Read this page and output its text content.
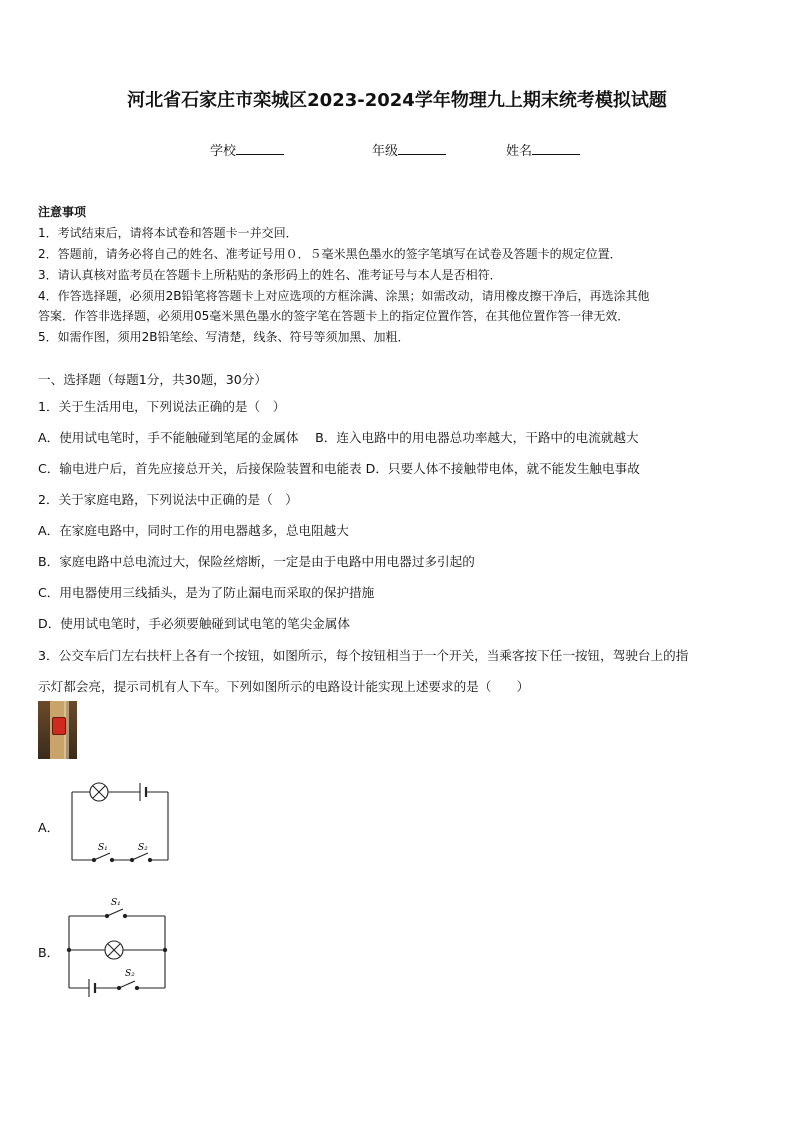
河北省石家庄市栾城区2023-2024学年物理九上期末统考模拟试题
学校	年级	姓名
注意事项
1．考试结束后，请将本试卷和答题卡一并交回．
2．答题前，请务必将自己的姓名、准考证号用０．５毫米黑色墨水的签字笔填写在试卷及答题卡的规定位置．
3．请认真核对监考员在答题卡上所粘贴的条形码上的姓名、准考证号与本人是否相符．
4．作答选择题，必须用2B铅笔将答题卡上对应选项的方框涂满、涂黑；如需改动，请用橡皮擦干净后，再选涂其他
答案．作答非选择题，必须用05毫米黑色墨水的签字笔在答题卡上的指定位置作答，在其他位置作答一律无效．
5．如需作图，须用2B铅笔绘、写清楚，线条、符号等须加黑、加粗．
一、选择题（每题1分，共30题，30分）
1．关于生活用电，下列说法正确的是（　）
A．使用试电笔时，手不能触碰到笔尾的金属体　 B．连入电路中的用电器总功率越大，干路中的电流就越大
C．输电进户后，首先应接总开关，后接保险装置和电能表 D．只要人体不接触带电体，就不能发生触电事故
2．关于家庭电路，下列说法中正确的是（　）
A．在家庭电路中，同时工作的用电器越多，总电阻越大
B．家庭电路中总电流过大，保险丝熔断，一定是由于电路中用电器过多引起的
C．用电器使用三线插头，是为了防止漏电而采取的保护措施
D．使用试电笔时，手必须要触碰到试电笔的笔尖金属体
3．公交车后门左右扶杆上各有一个按钮，如图所示，每个按钮相当于一个开关，当乘客按下任一按钮，驾驶台上的指
示灯都会亮，提示司机有人下车。下列如图所示的电路设计能实现上述要求的是（　　）
A．
S₁	S₂
B．
S₁
S₂
